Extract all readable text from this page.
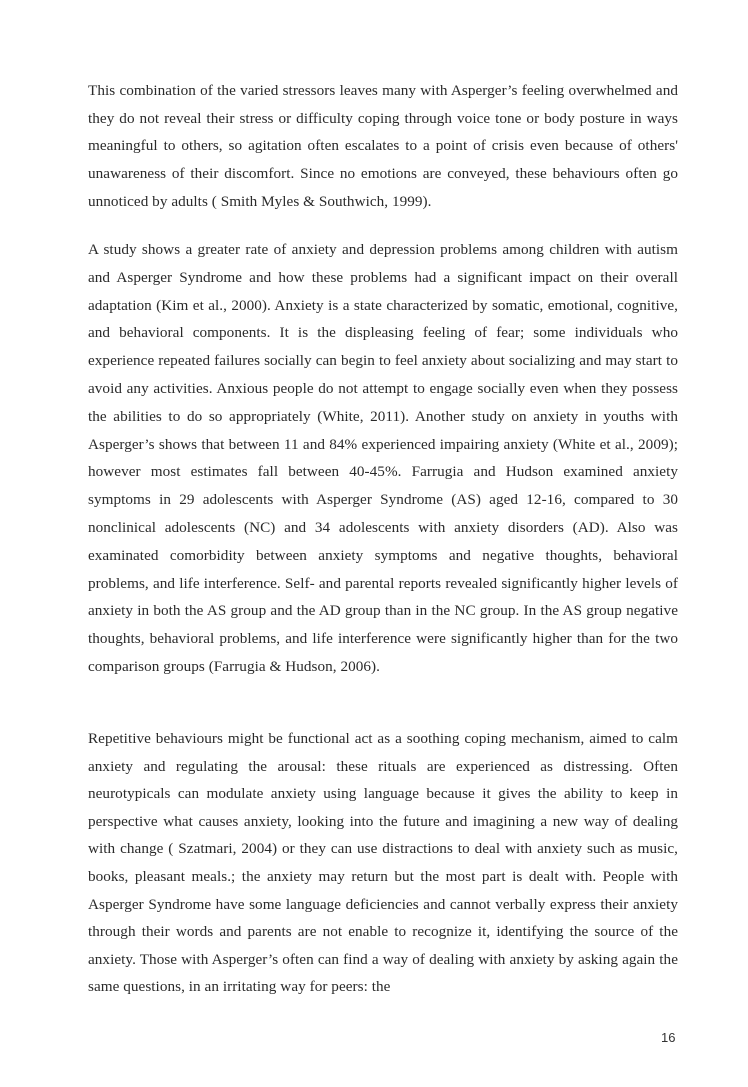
This combination of the varied stressors leaves many with Asperger’s feeling overwhelmed and they do not reveal their stress or difficulty coping through voice tone or body posture in ways meaningful to others, so agitation often escalates to a point of crisis even because of others' unawareness of their discomfort. Since no emotions are conveyed, these behaviours often go unnoticed by adults ( Smith Myles & Southwich, 1999).

A study shows a greater rate of anxiety and depression problems among children with autism and Asperger Syndrome and how these problems had a significant impact on their overall adaptation (Kim et al., 2000). Anxiety is a state characterized by somatic, emotional, cognitive, and behavioral components. It is the displeasing feeling of fear; some individuals who experience repeated failures socially can begin to feel anxiety about socializing and may start to avoid any activities. Anxious people do not attempt to engage socially even when they possess the abilities to do so appropriately (White, 2011). Another study on anxiety in youths with Asperger’s shows that between 11 and 84% experienced impairing anxiety (White et al., 2009); however most estimates fall between 40-45%. Farrugia and Hudson examined anxiety symptoms in 29 adolescents with Asperger Syndrome (AS) aged 12-16, compared to 30 nonclinical adolescents (NC) and 34 adolescents with anxiety disorders (AD). Also was examinated comorbidity between anxiety symptoms and negative thoughts, behavioral problems, and life interference. Self- and parental reports revealed significantly higher levels of anxiety in both the AS group and the AD group than in the NC group. In the AS group negative thoughts, behavioral problems, and life interference were significantly higher than for the two comparison groups (Farrugia & Hudson, 2006).

Repetitive behaviours might be functional act as a soothing coping mechanism, aimed to calm anxiety and regulating the arousal: these rituals are experienced as distressing. Often neurotypicals can modulate anxiety using language because it gives the ability to keep in perspective what causes anxiety, looking into the future and imagining a new way of dealing with change ( Szatmari, 2004) or they can use distractions to deal with anxiety such as music, books, pleasant meals.; the anxiety may return but the most part is dealt with. People with Asperger Syndrome have some language deficiencies and cannot verbally express their anxiety through their words and parents are not enable to recognize it, identifying the source of the anxiety. Those with Asperger’s often can find a way of dealing with anxiety by asking again the same questions, in an irritating way for peers: the

16
